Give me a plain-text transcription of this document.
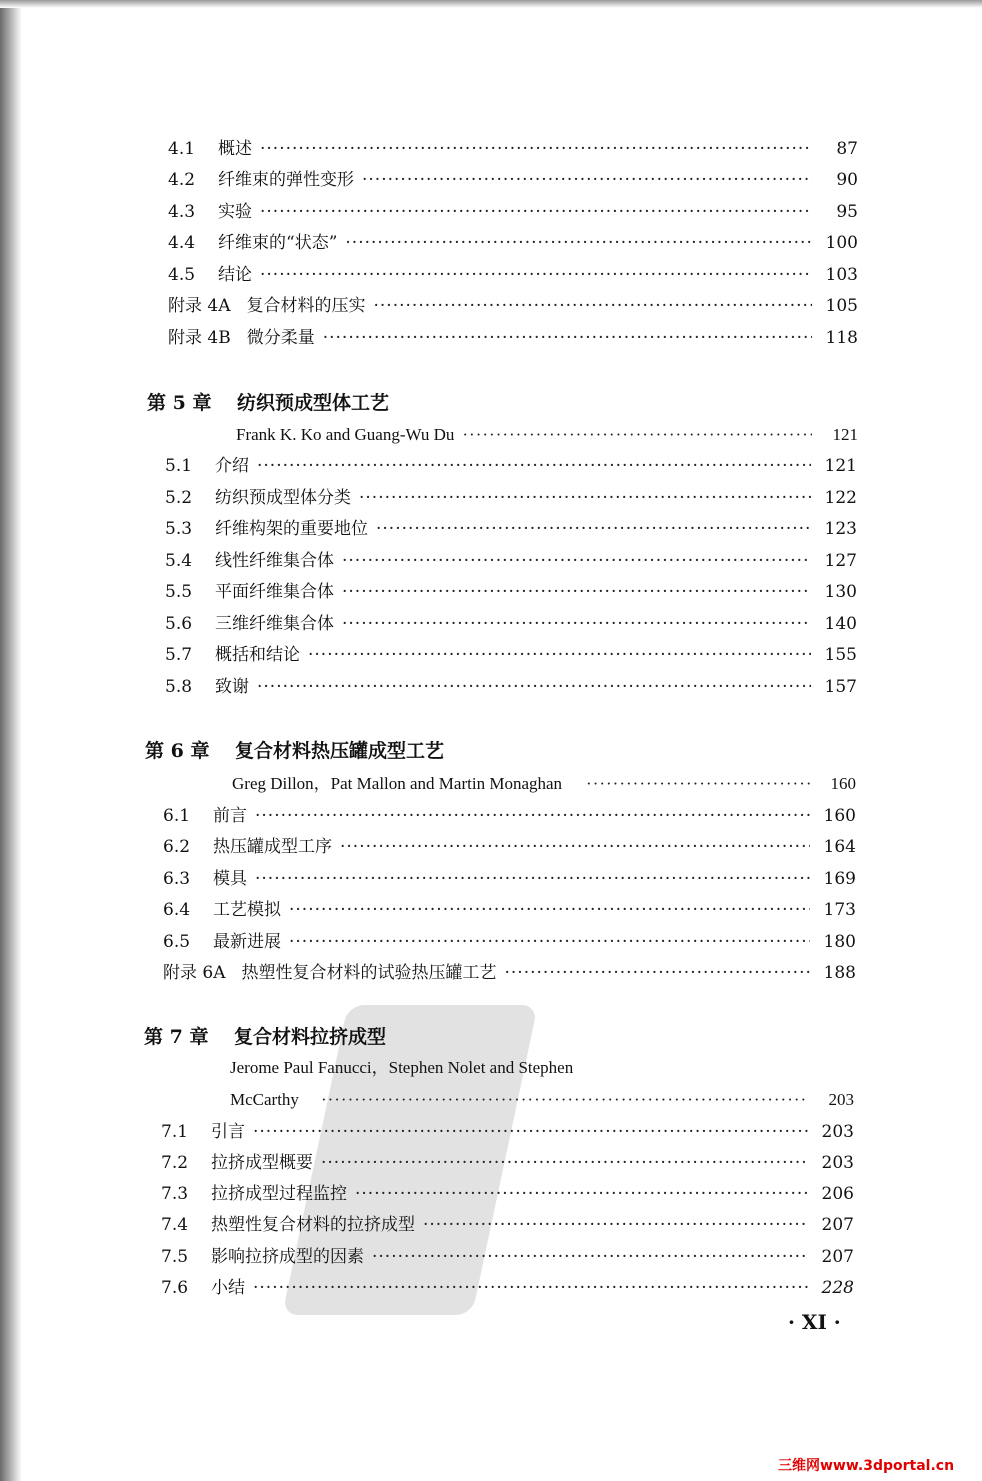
4.1 概述 ·····	87
4.2 纤维束的弹性变形 ·····	90
4.3 实验 ·····	95
4.4 纤维束的“状态” ·····	100
4.5 结论 ·····	103
附录 4A 复合材料的压实 ·····	105
附录 4B 微分柔量 ·····	118
第 5 章 纺织预成型体工艺
Frank K. Ko and Guang-Wu Du ·····	121
5.1 介绍 ·····	121
5.2 纺织预成型体分类 ·····	122
5.3 纤维构架的重要地位 ·····	123
5.4 线性纤维集合体 ·····	127
5.5 平面纤维集合体 ·····	130
5.6 三维纤维集合体 ·····	140
5.7 概括和结论 ·····	155
5.8 致谢 ·····	157
第 6 章 复合材料热压罐成型工艺
Greg Dillon，Pat Mallon and Martin Monaghan ·····	160
6.1 前言 ·····	160
6.2 热压罐成型工序 ·····	164
6.3 模具 ·····	169
6.4 工艺模拟 ·····	173
6.5 最新进展 ·····	180
附录 6A 热塑性复合材料的试验热压罐工艺 ·····	188
第 7 章 复合材料拉挤成型
Jerome Paul Fanucci，Stephen Nolet and Stephen
McCarthy ·····	203
7.1 引言 ·····	203
7.2 拉挤成型概要 ·····	203
7.3 拉挤成型过程监控 ·····	206
7.4 热塑性复合材料的拉挤成型 ·····	207
7.5 影响拉挤成型的因素 ·····	207
7.6 小结 ·····	228
· XI ·
三维网www.3dportal.cn
